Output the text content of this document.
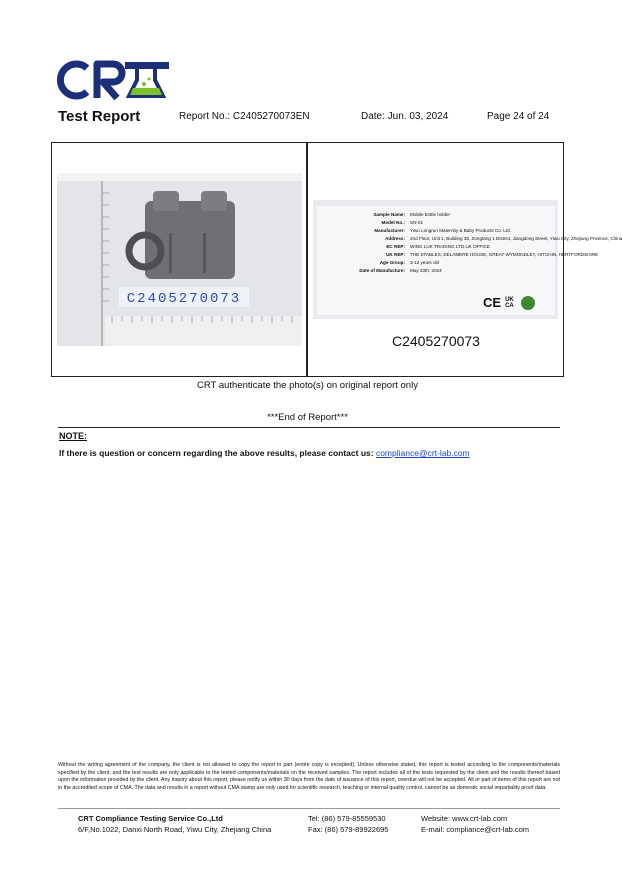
Test Report	Report No.: C2405270073EN	Date: Jun. 03, 2024	Page 24 of 24
C2405270073
Sample Name:	Mobile bottle holder
Model No.:	SN-01
Manufacturer:	Yiwu Longrun Maternity & Baby Products Co. Ltd.
Address:	2nd Floor, Unit 1, Building 35, Zongtang 1 District, Jiangdong Street, Yiwu City, Zhejiang Province, China
EC REP:	WING LUK TRADING LTD.UK OFFICE
UK REP:	THE STABLES, DELAMERE HOUSE, GREAT WYMONDLEY, HITCHIN, HERTFORDSHIRE
Age Group:	3-12 years old
Date of Manufacture:	May 23th, 2024
CE UK
CA
C2405270073
CRT authenticate the photo(s) on original report only
***End of Report***
NOTE:
If there is question or concern regarding the above results, please contact us: compliance@crt-lab.com
Without the writing agreement of the company, the client is not allowed to copy the report in part (entire copy is excepted). Unless otherwise stated, this report is tested according to the components/materials specified by the client, and the test results are only applicable to the tested components/materials on the received samples. The report includes all of the tests requested by the client and the results thereof based upon the information provided by the client. Any inquiry about this report, please notify us within 30 days from the date of issuance of this report, overdue will not be accepted. All or part of items of this report are not in the accredited scope of CMA, The data and results in a report without CMA stamp are only used for scientific research, teaching or internal quality control, cannot be as domestic social impartiality proof data.
CRT Compliance Testing Service Co.,Ltd
6/F,No.1022, Danxi North Road, Yiwu City, Zhejiang China
Tel: (86) 579-85559530
Fax: (86) 579-89922695
Website: www.crt-lab.com
E-mail: compliance@crt-lab.com
